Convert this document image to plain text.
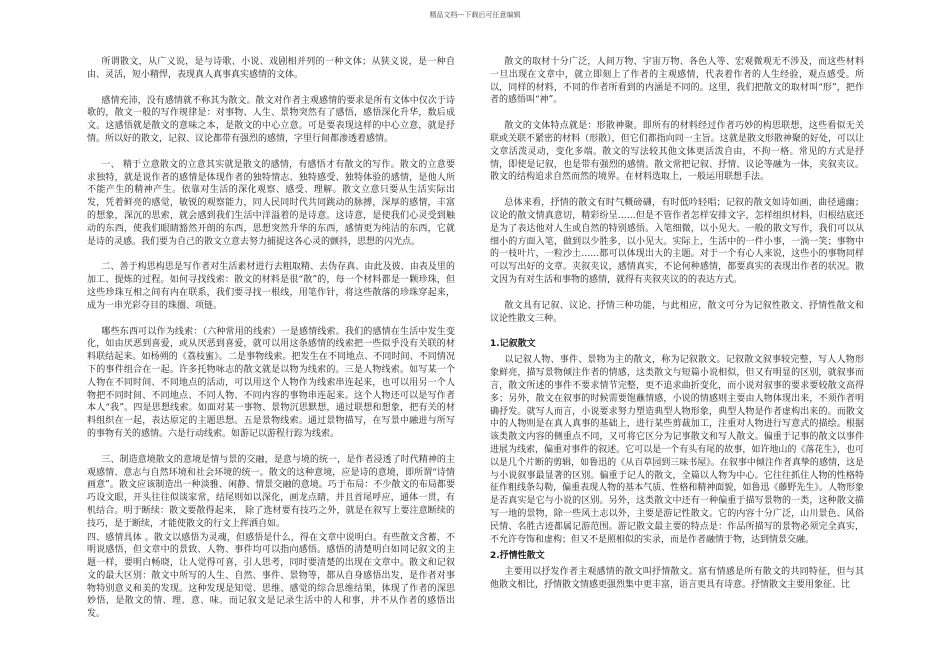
精品文档---下载后可任意编辑

所谓散文，从广义说，是与诗歌、小说、戏剧相并列的一种文体；从狭义说，是一种自由、灵活，短小精悍，表现真人真事真实感情的文体。

感情充沛，没有感情就不称其为散文。散文对作者主观感情的要求是所有文体中仅次于诗歌的，散文一般的写作规律是：对事物、人生、景物突然有了感悟，感悟深化升华，数后成文。这感悟就是散文的意味之本，是散文的中心立意。可是要表现这样的中心立意，就是抒情。所以好的散文，记叙、议论都带有强烈的感情，字里行间都渗透着感情。

一、 精于立意散文的立意其实就是散文的感情，有感悟才有散文的写作。散文的立意要求独特，就是说作者的感情是体现作者的独特情志、独特感受、独特体验的感情，是他人所不能产生的精神产生。依靠对生活的深化观察、感受、理解。散文立意只要从生活实际出发，凭着鲜亮的感觉，敏锐的观察能力，同人民同时代共同跳动的脉搏，深厚的感情，丰富的想象，深沉的思索，就会感到我们生活中洋溢着的是诗意。这诗意，是使我们心灵受到触动的东西，使我们眼睛豁然开朗的东西，思想突然升华的东西，感情更为纯洁的东西，它就是诗的灵感。我们要为自己的散文立意去努力捕捉这各心灵的颤抖，思想的闪光点。

二、善于构思构思是写作者对生活素材进行去粗取精、去伪存真、由此及彼、由表及里的加工、提炼的过程。如何寻找线索：散文的材料是很“散”的，每一个材料都是一颗珍珠，但这些珍珠互相之间有内在联系，我们要寻找一根线，用笔作针，将这些散落的珍珠穿起来，成为一串光彩夺目的珠圈、项链。

哪些东西可以作为线索：（六种常用的线索）一是感情线索。我们的感情在生活中发生变化，如由厌恶到喜爱，或从厌恶到喜爱，就可以用这条感情的线索把一些似乎没有关联的材料联结起来。如杨朔的《荔枝蜜》。二是事物线索。把发生在不同地点、不同时间、不同情况下的事件组合在一起。许多托物咏志的散文就是以物为线索的。三是人物线索。如写某一个人物在不同时间、不同地点的活动，可以用这个人物作为线索串连起来，也可以用另一个人物把不同时间、不同地点、不同人物、不同内容的事物串连起来。这个人物还可以是写作者本人“我”。四是思想线索。如面对某一事物、景物沉思默想，通过联想和想象，把有关的材料组织在一起，表达原定的主题思想。五是景物线索。通过景物描写，在写景中融进与所写的事物有关的感情。六是行动线索。如游记以游程行踪为线索。

三、制造意境散文的意境是情与景的交融，是意与境的统一，是作者浸透了时代精神的主观感情、意志与自然环境和社会环境的统一。散文的这种意境，应是诗的意境，即所谓“诗情画意”。散文应该制造出一种淡雅、闲静、情景交融的意境。巧于布局：不少散文的布局都要巧设文眼，开头往往似谈家常，结尾则如以深化，画龙点睛，并且首尾呼应，通体一贯，有机结合。明于断续：散文要散得起来， 除了选材要有技巧之外，就是在叙写上要注意断续的技巧，是于断续，才能使散文的行文上挥洒自如。

四、感情具体 。散文以感悟为灵魂，但感悟是什么，得在文章中说明白。有些散文含蓄，不明说感悟，但文章中的景致、人物、事件均可以指向感悟。感悟的清楚明白如同记叙文的主题一样，要明白畅晓，让人觉得可喜，引人思考，同时要清楚的出现在文章中。散文和记叙文的最大区别：散文中所写的人生、自然、事件、景物等，都从自身感悟出发，是作者对事物特别意义和美的发现。这种发现是知觉、思维、感觉的综合思维结果，体现了作者的深思妙悟，是散文的情、理、意、味。而记叙文是记录生活中的人和事，并不从作者的感悟出发。

散文的取材十分广泛，人间万物、宇宙万物、各色人等、宏观微观无不涉及，而这些材料一旦出现在文章中，就立即刻上了作者的主观感情，代表着作者的人生经验，观点感受。所以，同样的材料，不同的作者所看到的内涵是不同的。这里，我们把散文的取材叫“形”，把作者的感悟叫“神”。

散文的文体特点就是：形散神聚。即所有的材料经过作者巧妙的构思联想，这些看似无关联或关联不紧密的材料（形散），但它们都指向同一主旨。这就是散文形散神聚的好处，可以让文章活泼灵动，变化多端。散文的写法较其他文体更活泼自由，不拘一格。常见的方式是抒情，即使是记叙，也是带有强烈的感情。散文常把记叙、抒情、议论等融为一体，夹叙夹议。散文的结构追求自然而然的境界。在材料选取上，一般运用联想手法。

总体来看，抒情的散文有时气概磅礴，有时低吟轻唱；记叙的散文如诗如画，曲径通幽；议论的散文情真意切，精彩纷呈……但是不管作者怎样安排文字，怎样组织材料，归根结底还是为了表达他对人生或自然的特别感悟。入笔细微，以小见大。一般的散文写作，我们可以从细小的方面入笔，做到以少胜多，以小见大。实际上，生活中的一件小事，一淌一笑；事物中的一枝叶片，一粒沙土……都可以体现出大的主题。对于一个有心人来说，这些小的事物同样可以写出好的文章。夹叙夹议，感情真实，不论何种感情，都要真实的表现出作者的状况。散文因为有对生活和事物的感情，就得有夹叙夹议的的表达方式。

散文具有记叙、议论、抒情三种功能，与此相应，散文可分为记叙性散文、抒情性散文和议论性散文三种。

1.记叙散文

以记叙人物、事件、景物为主的散文，称为记叙散文。记叙散文叙事较完整，写人人物形象鲜亮，描写景物倾注作者的情感，这类散文与短篇小说相似，但又有明显的区别，就叙事而言，散文所述的事件不要求情节完整，更不追求曲折变化，而小说对叙事的要求要较散文高得多；另外，散文在叙事的时候需要饱蘸情感，小说的情感则主要由人物体现出来，不须作者明确抒发。就写人而言，小说要求努力塑造典型人物形象，典型人物是作者虚构出来的。而散文中的人物则是在真人真事的基础上，进行某些剪裁加工，注重对人物进行写意式的描绘。根据该类散文内容的侧重点不同，又可将它区分为记事散文和写人散文。偏重于记事的散文以事件进展为线索，偏重对事件的叙述。它可以是一个有头有尾的故事，如许地山的《落花生》，也可以是几个片断的剪辑，如鲁迅的《从百草园到三味书屋》。在叙事中倾注作者真挚的感情，这是与小说叙事最显著的区别。偏重于记人的散文，全篇以人物为中心。它往往抓住人物的性格特征作粗线条勾勒，偏重表现人物的基本气质、性格和精神面貌，如鲁迅《藤野先生》。人物形象是否真实是它与小说的区别。另外，这类散文中还有一种偏重于描写景物的一类，这种散文描写一地的景物，除一些风土志以外，主要是游记性散文。它的内容十分广泛，山川景色、风俗民情、名胜古迹都属记游范围。游记散文最主要的特点是：作品所描写的景物必须完全真实，不允许夸饰和虚构；但又不是照相似的实录，而是作者融情于物，达到情景交融。

2.抒情性散文

主要用以抒发作者主观感情的散文叫抒情散文。富有情感是所有散文的共同特征，但与其他散文相比，抒情散文情感更强烈集中更丰富，语言更具有诗意。抒情散文主要用象征、比
